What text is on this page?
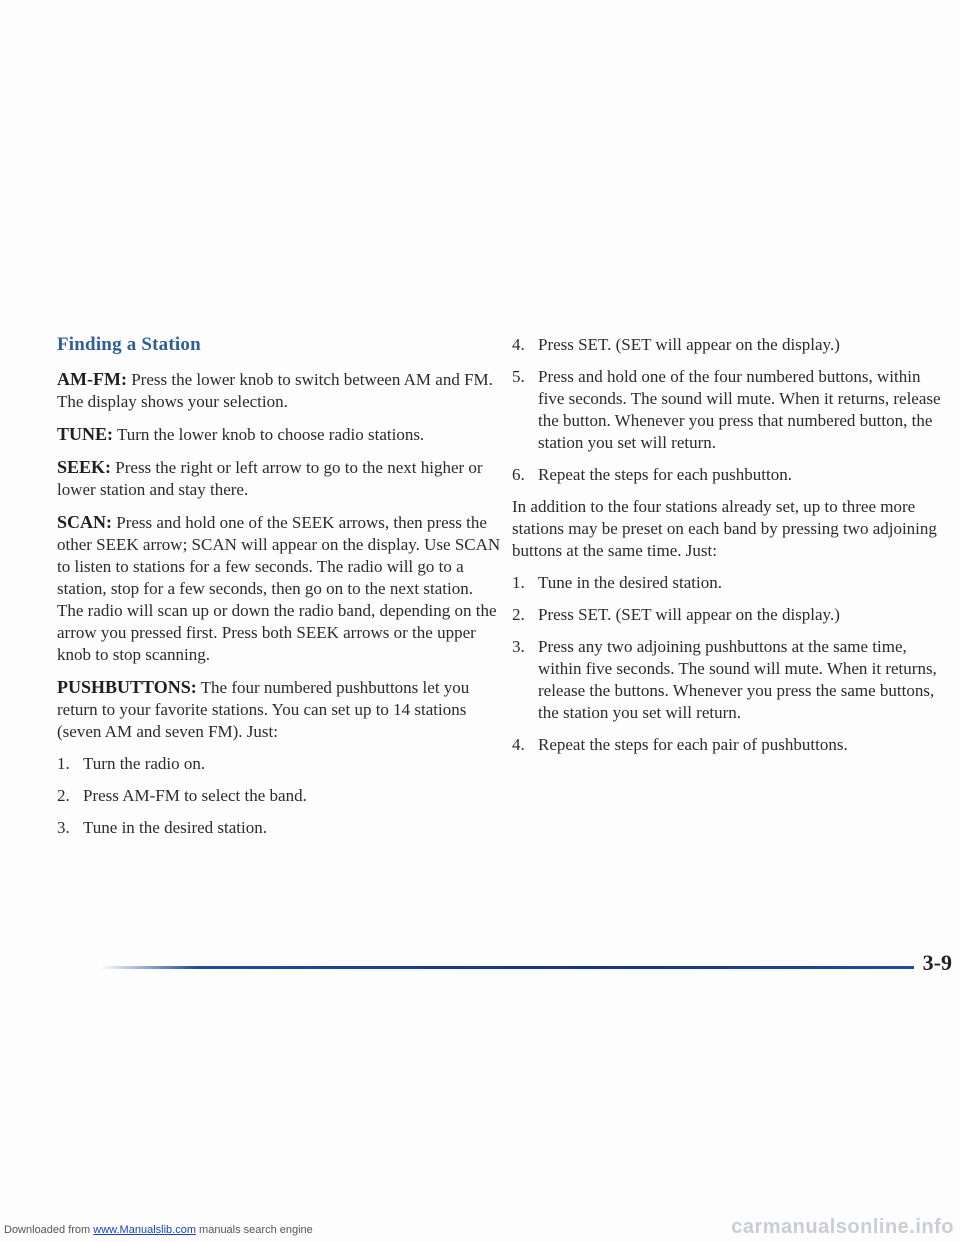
Finding a Station

AM-FM: Press the lower knob to switch between AM and FM. The display shows your selection.

TUNE: Turn the lower knob to choose radio stations.

SEEK: Press the right or left arrow to go to the next higher or lower station and stay there.

SCAN: Press and hold one of the SEEK arrows, then press the other SEEK arrow; SCAN will appear on the display. Use SCAN to listen to stations for a few seconds. The radio will go to a station, stop for a few seconds, then go on to the next station. The radio will scan up or down the radio band, depending on the arrow you pressed first. Press both SEEK arrows or the upper knob to stop scanning.

PUSHBUTTONS: The four numbered pushbuttons let you return to your favorite stations. You can set up to 14 stations (seven AM and seven FM). Just:

1. Turn the radio on.
2. Press AM-FM to select the band.
3. Tune in the desired station.
4. Press SET. (SET will appear on the display.)
5. Press and hold one of the four numbered buttons, within five seconds. The sound will mute. When it returns, release the button. Whenever you press that numbered button, the station you set will return.
6. Repeat the steps for each pushbutton.

In addition to the four stations already set, up to three more stations may be preset on each band by pressing two adjoining buttons at the same time. Just:

1. Tune in the desired station.
2. Press SET. (SET will appear on the display.)
3. Press any two adjoining pushbuttons at the same time, within five seconds. The sound will mute. When it returns, release the buttons. Whenever you press the same buttons, the station you set will return.
4. Repeat the steps for each pair of pushbuttons.
3-9
Downloaded from www.Manualslib.com manuals search engine	carmanualsonline.info
